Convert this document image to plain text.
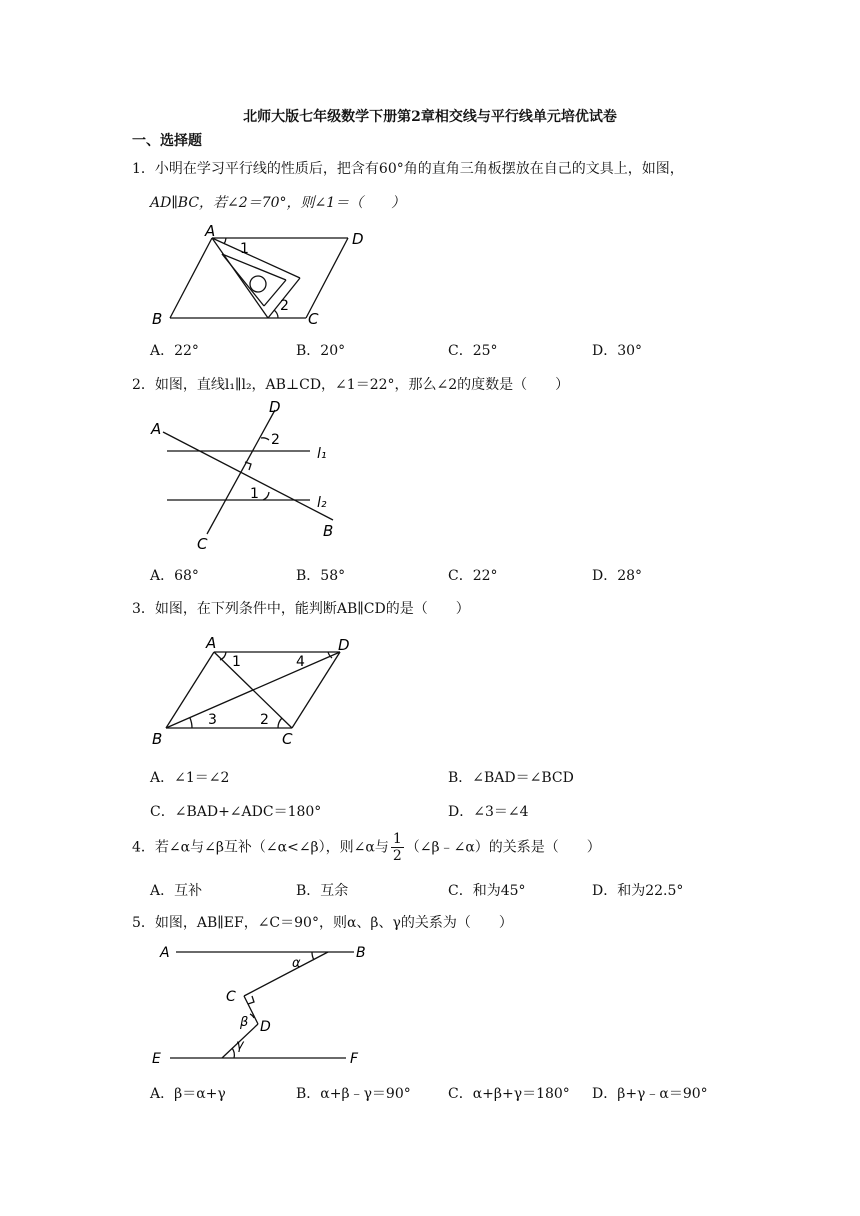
北师大版七年级数学下册第2章相交线与平行线单元培优试卷
一、选择题
1．小明在学习平行线的性质后，把含有60°角的直角三角板摆放在自己的文具上，如图，
AD∥BC，若∠2＝70°，则∠1＝（　　）
A	D
B	C
1
2
A．22°	B．20°	C．25°	D．30°
2．如图，直线l₁∥l₂，AB⊥CD，∠1＝22°，那么∠2的度数是（　　）
A
D
C
B
2
1
l₁
l₂
A．68°	B．58°	C．22°	D．28°
3．如图，在下列条件中，能判断AB∥CD的是（　　）
A	D
B	C
1	4
3	2
A．∠1＝∠2	B．∠BAD＝∠BCD
C．∠BAD+∠ADC＝180°	D．∠3＝∠4
4．若∠α与∠β互补（∠α<∠β），则∠α与 $\frac{1}{2}$ （∠β﹣∠α）的关系是（　　）
A．互补	B．互余	C．和为45°	D．和为22.5°
5．如图，AB∥EF，∠C＝90°，则α、β、γ的关系为（　　）
A	B
C
D
E	F
α
β
γ
A．β＝α+γ	B．α+β﹣γ＝90°	C．α+β+γ＝180° D．β+γ﹣α＝90°
